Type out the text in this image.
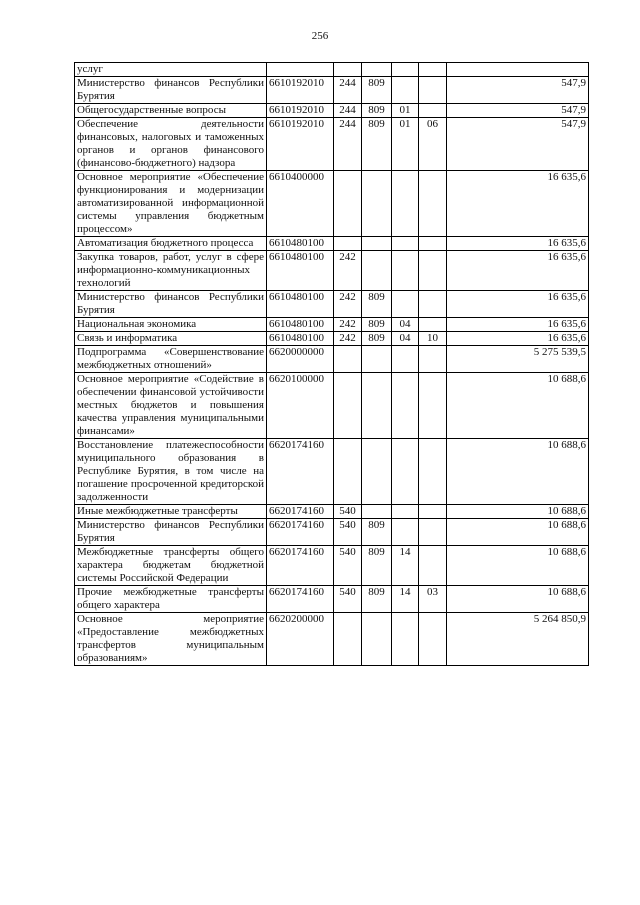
256
услуг						
Министерство финансов Республики Бурятия	6610192010	244	809			547,9
Общегосударственные вопросы	6610192010	244	809	01		547,9
Обеспечение деятельности финансовых, налоговых и таможенных органов и органов финансового (финансово-бюджетного) надзора	6610192010	244	809	01	06	547,9
Основное мероприятие «Обеспечение функционирования и модернизации автоматизированной информационной системы управления бюджетным процессом»	6610400000					16 635,6
Автоматизация бюджетного процесса	6610480100					16 635,6
Закупка товаров, работ, услуг в сфере информационно-коммуникационных технологий	6610480100	242				16 635,6
Министерство финансов Республики Бурятия	6610480100	242	809			16 635,6
Национальная экономика	6610480100	242	809	04		16 635,6
Связь и информатика	6610480100	242	809	04	10	16 635,6
Подпрограмма «Совершенствование межбюджетных отношений»	6620000000					5 275 539,5
Основное мероприятие «Содействие в обеспечении финансовой устойчивости местных бюджетов и повышения качества управления муниципальными финансами»	6620100000					10 688,6
Восстановление платежеспособности муниципального образования в Республике Бурятия, в том числе на погашение просроченной кредиторской задолженности	6620174160					10 688,6
Иные межбюджетные трансферты	6620174160	540				10 688,6
Министерство финансов Республики Бурятия	6620174160	540	809			10 688,6
Межбюджетные трансферты общего характера бюджетам бюджетной системы Российской Федерации	6620174160	540	809	14		10 688,6
Прочие межбюджетные трансферты общего характера	6620174160	540	809	14	03	10 688,6
Основное мероприятие «Предоставление межбюджетных трансфертов муниципальным образованиям»	6620200000					5 264 850,9
